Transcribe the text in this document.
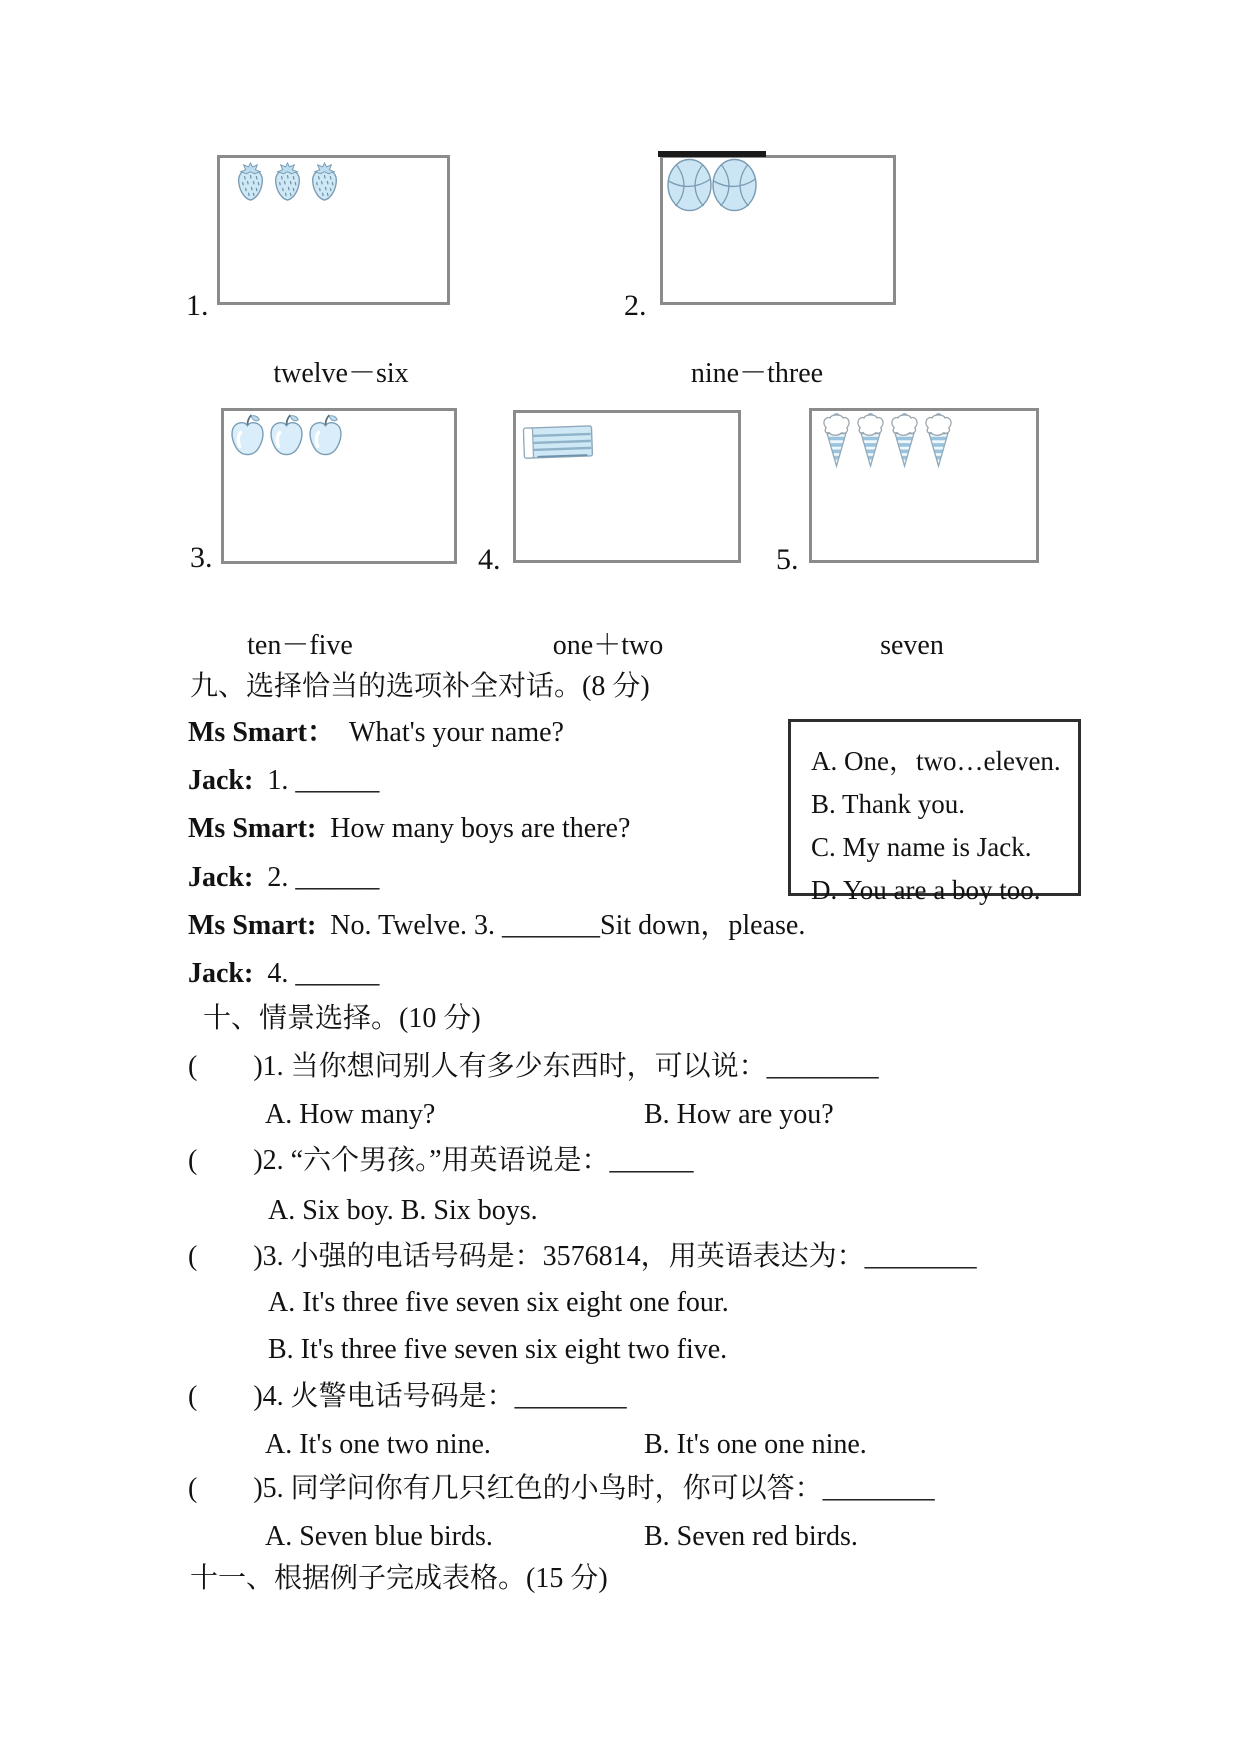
1.	2.
twelve－six	nine－three
3.	4.	5.
ten－five	one＋two	seven
九、选择恰当的选项补全对话。(8 分)
Ms Smart： What's your name?
Jack: 1. ______
Ms Smart: How many boys are there?
Jack: 2. ______
Ms Smart: No. Twelve. 3. _______Sit down，please.
Jack: 4. ______
A. One，two…eleven.
B. Thank you.
C. My name is Jack.
D. You are a boy too.
十、情景选择。(10 分)
(　　)1. 当你想问别人有多少东西时，可以说：________
A. How many?	B. How are you?
(　　)2. “六个男孩。”用英语说是：______
A. Six boy. B. Six boys.
(　　)3. 小强的电话号码是：3576814，用英语表达为：________
A. It's three five seven six eight one four.
B. It's three five seven six eight two five.
(　　)4. 火警电话号码是：________
A. It's one two nine.	B. It's one one nine.
(　　)5. 同学问你有几只红色的小鸟时，你可以答：________
A. Seven blue birds.	B. Seven red birds.
十一、根据例子完成表格。(15 分)
